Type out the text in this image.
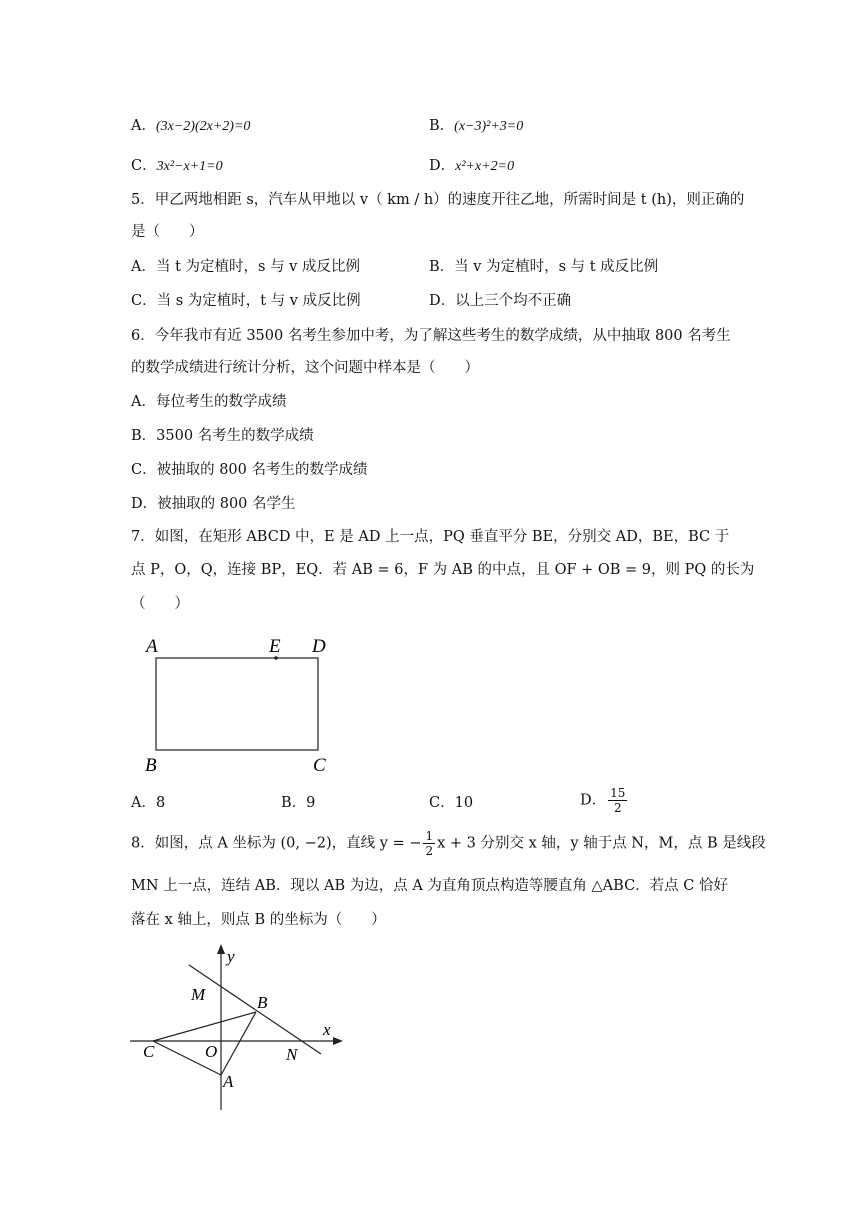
A．(3x−2)(2x+2)=0	B．(x−3)²+3=0
C．3x²−x+1=0	D．x²+x+2=0
5．甲乙两地相距 s，汽车从甲地以 v（ km / h）的速度开往乙地，所需时间是 t (h)，则正确的
是（　　）
A．当 t 为定植时，s 与 v 成反比例	B．当 v 为定植时，s 与 t 成反比例
C．当 s 为定植时，t 与 v 成反比例	D．以上三个均不正确
6．今年我市有近 3500 名考生参加中考，为了解这些考生的数学成绩，从中抽取 800 名考生
的数学成绩进行统计分析，这个问题中样本是（　　）
A．每位考生的数学成绩
B．3500 名考生的数学成绩
C．被抽取的 800 名考生的数学成绩
D．被抽取的 800 名学生
7．如图，在矩形 ABCD 中，E 是 AD 上一点，PQ 垂直平分 BE，分别交 AD，BE，BC 于
点 P，O，Q，连接 BP，EQ．若 AB = 6，F 为 AB 的中点，且 OF + OB = 9，则 PQ 的长为
（　　）
A	E D
B	C
A．8	B．9	C．10	D． $\frac{15}{2}$
8．如图，点 A 坐标为 (0, −2)，直线 y = − $\frac{1}{2}$ x + 3 分别交 x 轴，y 轴于点 N，M，点 B 是线段
MN 上一点，连结 AB．现以 AB 为边，点 A 为直角顶点构造等腰直角 △ABC．若点 C 恰好
落在 x 轴上，则点 B 的坐标为（　　）
y
x
M	B
C	O	N
A
